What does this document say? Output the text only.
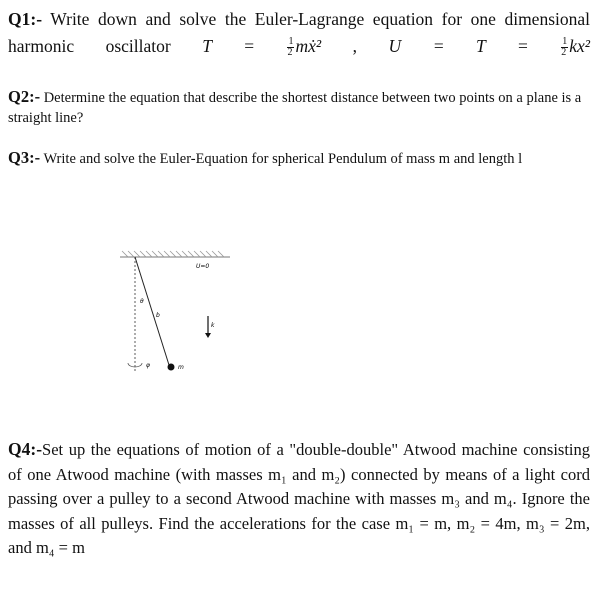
Q1:- Write down and solve the Euler-Lagrange equation for one dimensional harmonic oscillator T =	$\frac{1}{2}$ mẋ² , U = T =	$\frac{1}{2} kx^2$
Q2:- Determine the equation that describe the shortest distance between two points on a plane is a straight line?
Q3:- Write and solve the Euler-Equation for spherical Pendulum of mass m and length l
U=0
θ
b
m
φ
k
Q4:-Set up the equations of motion of a "double-double" Atwood machine consisting of one Atwood machine (with masses m₁ and m₂) connected by means of a light cord passing over a pulley to a second Atwood machine with masses m₃ and m₄. Ignore the masses of all pulleys. Find the accelerations for the case m₁ = m, m₂ = 4m, m₃ = 2m, and m₄ = m
